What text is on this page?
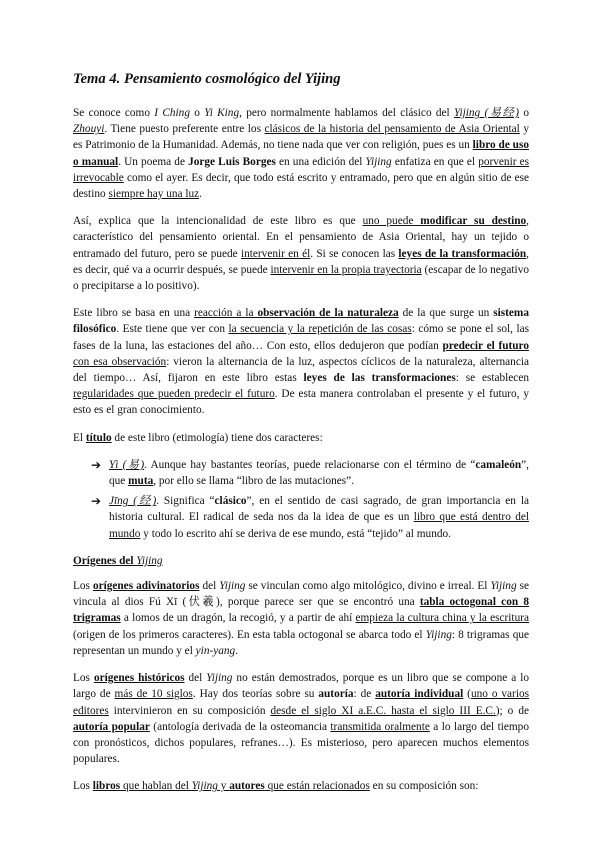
Tema 4. Pensamiento cosmológico del Yijing

Se conoce como I Ching o Yi King, pero normalmente hablamos del clásico del Yijing (易经) o Zhouyi. Tiene puesto preferente entre los clásicos de la historia del pensamiento de Asia Oriental y es Patrimonio de la Humanidad. Además, no tiene nada que ver con religión, pues es un libro de uso o manual. Un poema de Jorge Luis Borges en una edición del Yijing enfatiza en que el porvenir es irrevocable como el ayer. Es decir, que todo está escrito y entramado, pero que en algún sitio de ese destino siempre hay una luz.

Así, explica que la intencionalidad de este libro es que uno puede modificar su destino, característico del pensamiento oriental. En el pensamiento de Asia Oriental, hay un tejido o entramado del futuro, pero se puede intervenir en él. Si se conocen las leyes de la transformación, es decir, qué va a ocurrir después, se puede intervenir en la propia trayectoria (escapar de lo negativo o precipitarse a lo positivo).

Este libro se basa en una reacción a la observación de la naturaleza de la que surge un sistema filosófico. Este tiene que ver con la secuencia y la repetición de las cosas: cómo se pone el sol, las fases de la luna, las estaciones del año… Con esto, ellos dedujeron que podían predecir el futuro con esa observación: vieron la alternancia de la luz, aspectos cíclicos de la naturaleza, alternancia del tiempo… Así, fijaron en este libro estas leyes de las transformaciones: se establecen regularidades que pueden predecir el futuro. De esta manera controlaban el presente y el futuro, y esto es el gran conocimiento.

El título de este libro (etimología) tiene dos caracteres:

➔ Yì (易). Aunque hay bastantes teorías, puede relacionarse con el término de “camaleón”, que muta, por ello se llama “libro de las mutaciones”.
➔ Jīng (经). Significa “clásico”, en el sentido de casi sagrado, de gran importancia en la historia cultural. El radical de seda nos da la idea de que es un libro que está dentro del mundo y todo lo escrito ahí se deriva de ese mundo, está “tejido” al mundo.
Orígenes del Yijing

Los orígenes adivinatorios del Yijing se vinculan como algo mitológico, divino e irreal. El Yijing se vincula al dios Fú Xī (伏羲), porque parece ser que se encontró una tabla octogonal con 8 trigramas a lomos de un dragón, la recogió, y a partir de ahí empieza la cultura china y la escritura (origen de los primeros caracteres). En esta tabla octogonal se abarca todo el Yijing: 8 trigramas que representan un mundo y el yin-yang.

Los orígenes históricos del Yijing no están demostrados, porque es un libro que se compone a lo largo de más de 10 siglos. Hay dos teorías sobre su autoría: de autoría individual (uno o varios editores intervinieron en su composición desde el siglo XI a.E.C. hasta el siglo III E.C.); o de autoría popular (antología derivada de la osteomancia transmitida oralmente a lo largo del tiempo con pronósticos, dichos populares, refranes…). Es misterioso, pero aparecen muchos elementos populares.

Los libros que hablan del Yijing y autores que están relacionados en su composición son:
